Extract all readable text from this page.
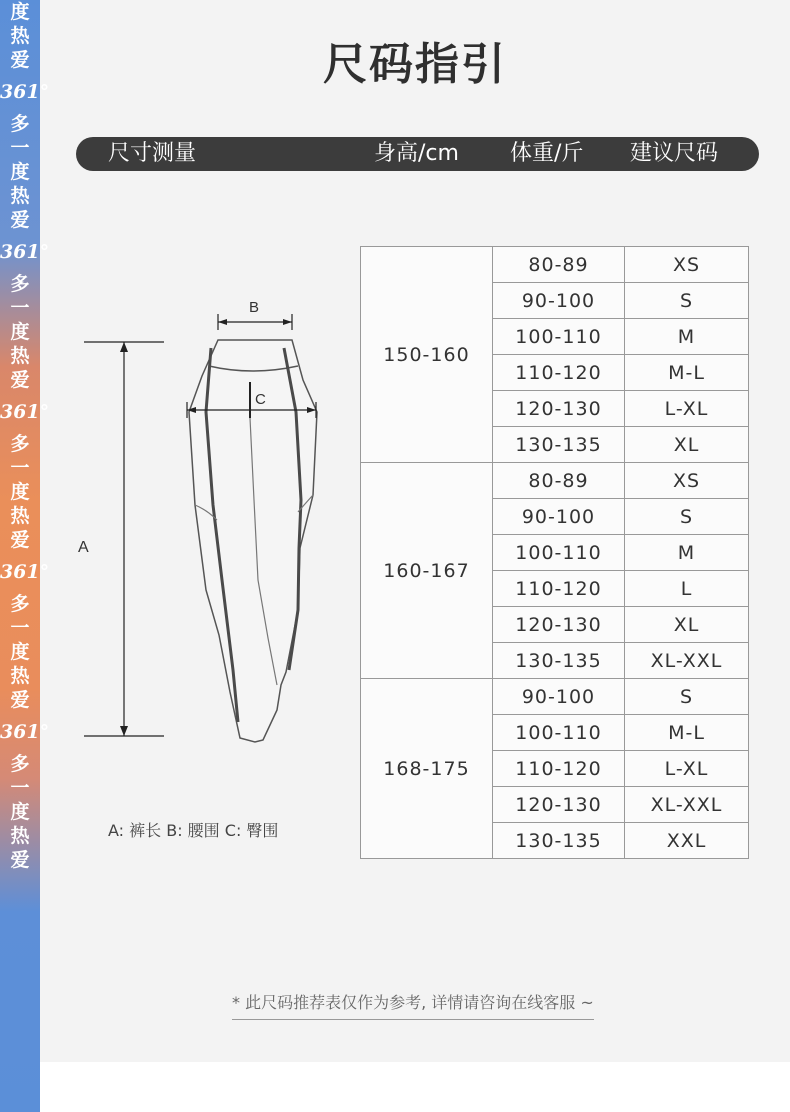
度
热
爱
361°
多
一
度
热
爱
361°
多
一
度
热
爱
361°
多
一
度
热
爱
361°
多
一
度
热
爱
361°
多
一
度
热
爱
尺码指引
尺寸测量	身高/cm 体重/斤 建议尺码
A
B
C
A: 裤长 B: 腰围 C: 臀围
150-160	80-89	XS
	90-100	S
	100-110	M
	110-120	M-L
	120-130	L-XL
	130-135	XL
160-167	80-89	XS
	90-100	S
	100-110	M
	110-120	L
	120-130	XL
	130-135	XL-XXL
168-175	90-100	S
	100-110	M-L
	110-120	L-XL
	120-130	XL-XXL
	130-135	XXL
* 此尺码推荐表仅作为参考, 详情请咨询在线客服 ~
